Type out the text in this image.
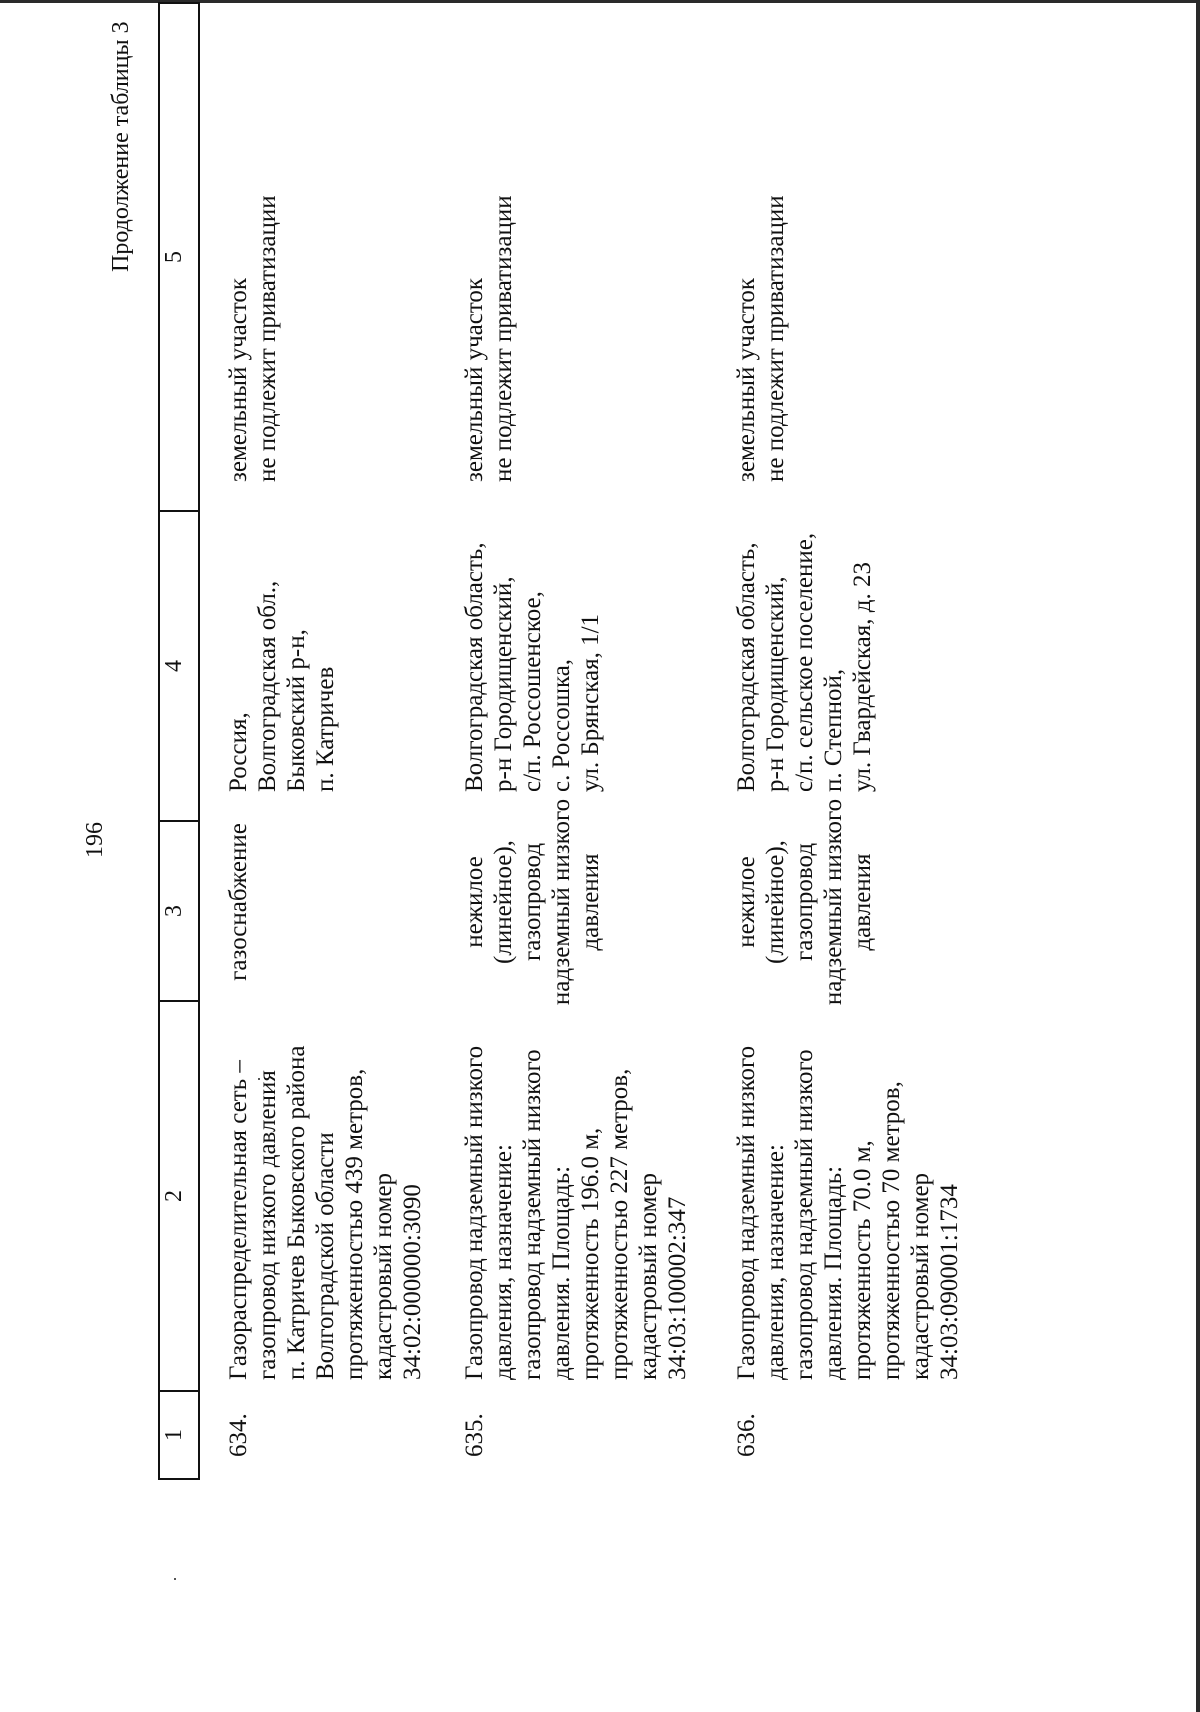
196
Продолжение таблицы 3
1
2
3
4
5
634.
Газораспределительная сеть –
газопровод низкого давления
п. Катричев Быковского района
Волгоградской области
протяженностью 439 метров,
кадастровый номер
34:02:000000:3090
газоснабжение
Россия,
Волгоградская обл.,
Быковский р-н,
п. Катричев
земельный участок
не подлежит приватизации
635.
Газопровод надземный низкого
давления, назначение:
газопровод надземный низкого
давления. Площадь:
протяженность 196.0 м,
протяженностью 227 метров,
кадастровый номер
34:03:100002:347
нежилое (линейное),
газопровод
надземный низкого
давления
Волгоградская область,
р-н Городищенский,
с/п. Россошенское,
с. Россошка,
ул. Брянская, 1/1
земельный участок
не подлежит приватизации
636.
Газопровод надземный низкого
давления, назначение:
газопровод надземный низкого
давления. Площадь:
протяженность 70.0 м,
протяженностью 70 метров,
кадастровый номер
34:03:090001:1734
нежилое (линейное),
газопровод
надземный низкого
давления
Волгоградская область,
р-н Городищенский,
с/п. сельское поселение,
п. Степной,
ул. Гвардейская, д. 23
земельный участок
не подлежит приватизации
